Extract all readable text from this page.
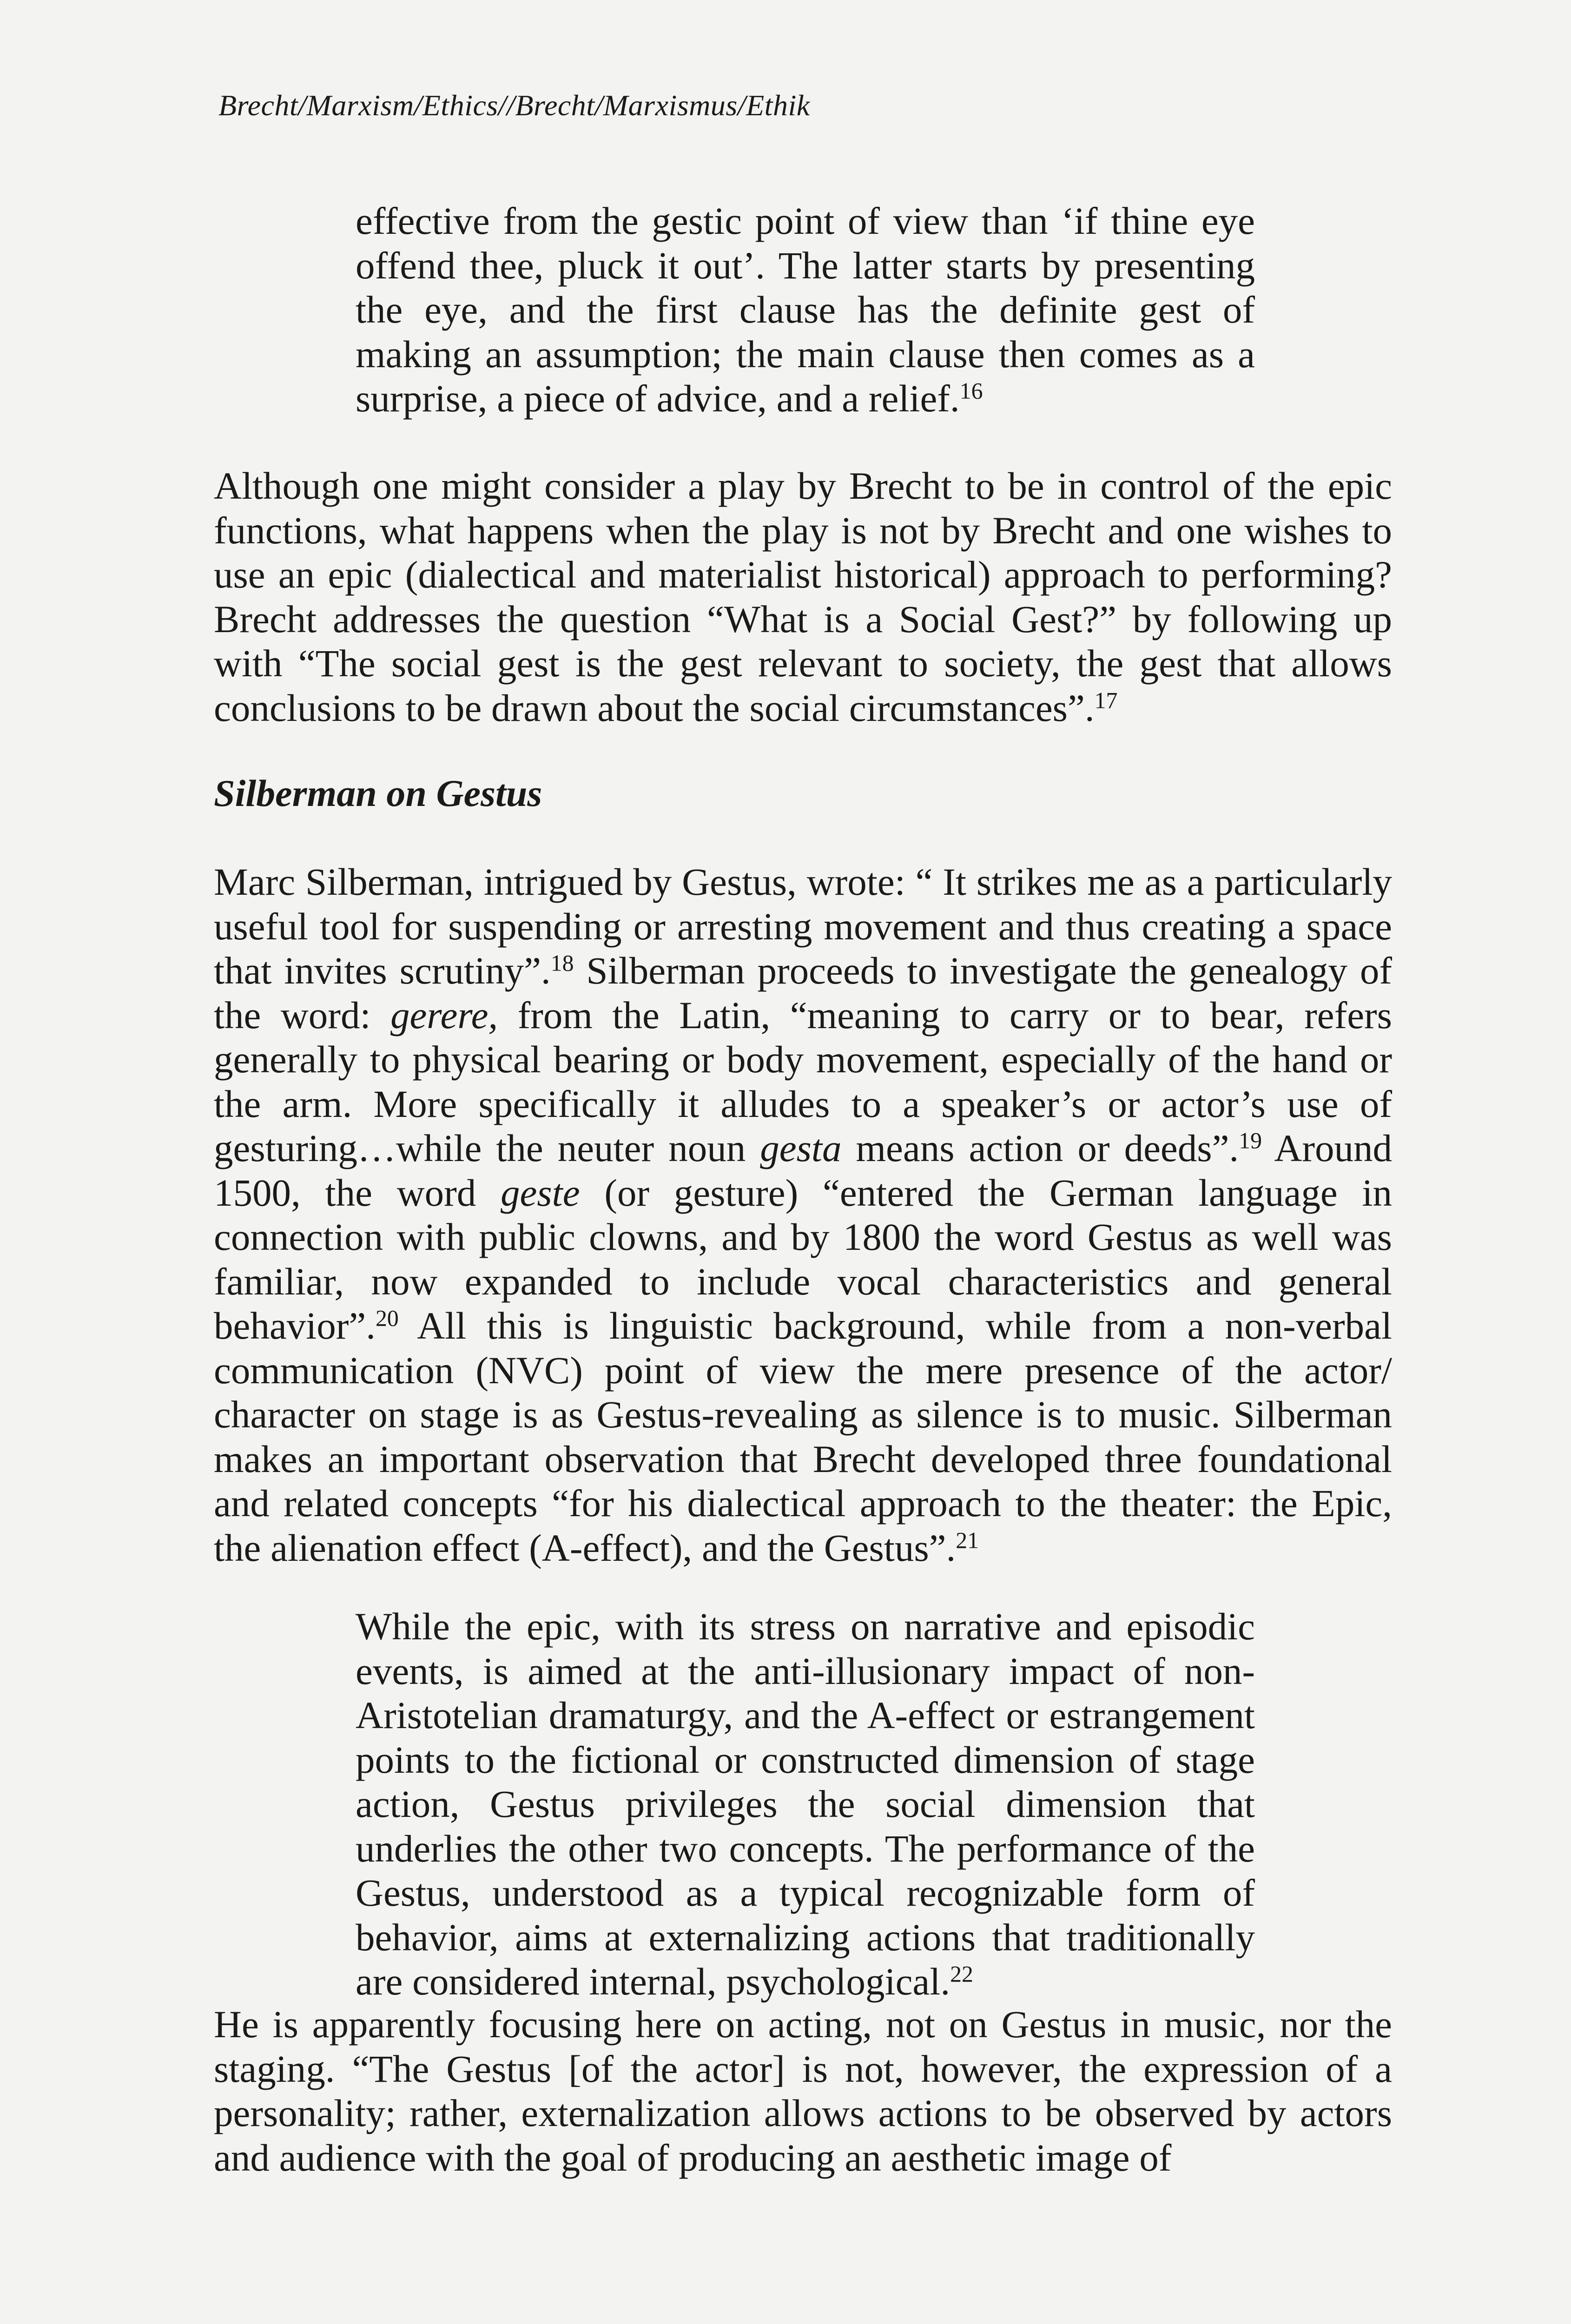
Brecht/Marxism/Ethics//Brecht/Marxismus/Ethik

effective from the gestic point of view than ‘if thine eye offend thee, pluck it out’. The latter starts by presenting the eye, and the first clause has the definite gest of making an assumption; the main clause then comes as a surprise, a piece of advice, and a relief.$^{16}$

Although one might consider a play by Brecht to be in control of the epic functions, what happens when the play is not by Brecht and one wishes to use an epic (dialectical and materialist historical) approach to performing? Brecht addresses the question “What is a Social Gest?” by following up with “The social gest is the gest relevant to society, the gest that allows conclusions to be drawn about the social circumstances”.$^{17}$

Silberman on Gestus

Marc Silberman, intrigued by Gestus, wrote: “ It strikes me as a particularly useful tool for suspending or arresting movement and thus creating a space that invites scrutiny”.$^{18}$ Silberman proceeds to investigate the genealogy of the word: gerere, from the Latin, “meaning to carry or to bear, refers generally to physical bearing or body movement, especially of the hand or the arm. More specifically it alludes to a speaker’s or actor’s use of gesturing…while the neuter noun gesta means action or deeds”.$^{19}$ Around 1500, the word geste (or gesture) “entered the German language in connection with public clowns, and by 1800 the word Gestus as well was familiar, now expanded to include vocal characteristics and general behavior”.$^{20}$ All this is linguistic background, while from a non-verbal communication (NVC) point of view the mere presence of the actor/ character on stage is as Gestus-revealing as silence is to music. Silberman makes an important observation that Brecht developed three foundational and related concepts “for his dialectical approach to the theater: the Epic, the alienation effect (A-effect), and the Gestus”.$^{21}$

While the epic, with its stress on narrative and episodic events, is aimed at the anti-illusionary impact of non-Aristotelian dramaturgy, and the A-effect or estrangement points to the fictional or constructed dimension of stage action, Gestus privileges the social dimension that underlies the other two concepts. The performance of the Gestus, understood as a typical recognizable form of behavior, aims at externalizing actions that traditionally are considered internal, psychological.$^{22}$

He is apparently focusing here on acting, not on Gestus in music, nor the staging. “The Gestus [of the actor] is not, however, the expression of a personality; rather, externalization allows actions to be observed by actors and audience with the goal of producing an aesthetic image of
